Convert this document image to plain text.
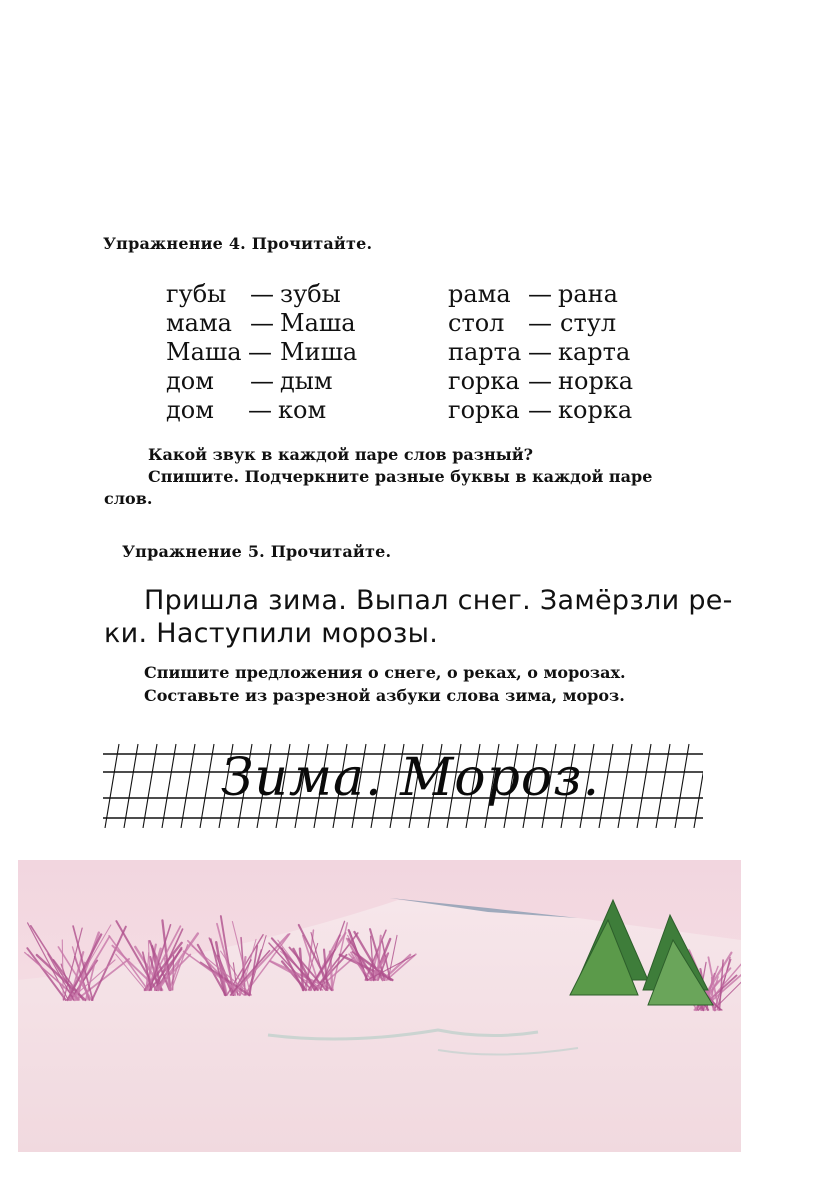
Упражнение 4. Прочитайте.
губы — зубы
мама — Маша
Маша — Миша
дом — дым
дом — ком
рама — рана
стол — стул
парта — карта
горка — норка
горка — корка
Какой звук в каждой паре слов разный?
Спишите. Подчеркните разные буквы в каждой паре
слов.
Упражнение 5. Прочитайте.
Пришла зима. Выпал снег. Замёрзли ре-
ки. Наступили морозы.
Спишите предложения о снеге, о реках, о морозах.
Составьте из разрезной азбуки слова зима, мороз.
Зима. Мороз.
